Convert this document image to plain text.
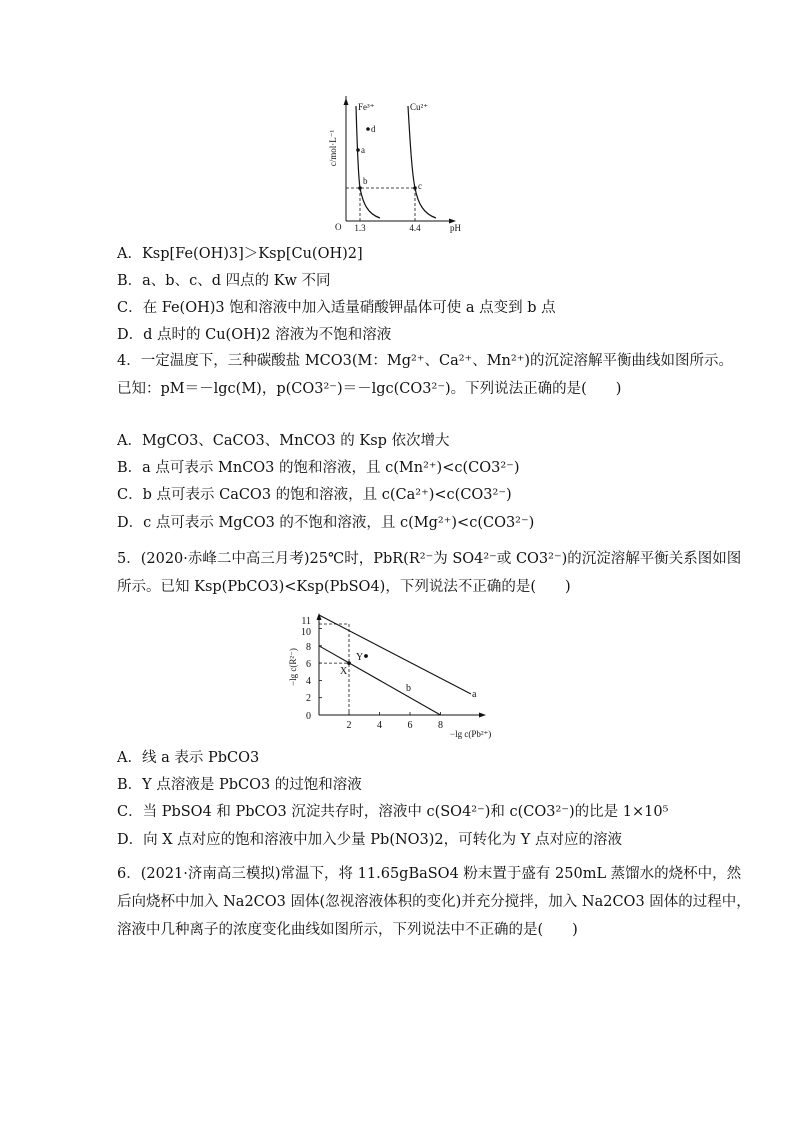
c/mol·L⁻¹
Fe³⁺	Cu²⁺
d
a
b	c
O 1.3	4.4	pH
A．Ksp[Fe(OH)3]＞Ksp[Cu(OH)2]
B．a、b、c、d 四点的 Kw 不同
C．在 Fe(OH)3 饱和溶液中加入适量硝酸钾晶体可使 a 点变到 b 点
D．d 点时的 Cu(OH)2 溶液为不饱和溶液
4．一定温度下，三种碳酸盐 MCO3(M：Mg²⁺、Ca²⁺、Mn²⁺)的沉淀溶解平衡曲线如图所示。
已知：pM＝－lgc(M)，p(CO3²⁻)＝－lgc(CO3²⁻)。下列说法正确的是(　　)
A．MgCO3、CaCO3、MnCO3 的 Ksp 依次增大
B．a 点可表示 MnCO3 的饱和溶液，且 c(Mn²⁺)<c(CO3²⁻)
C．b 点可表示 CaCO3 的饱和溶液，且 c(Ca²⁺)<c(CO3²⁻)
D．c 点可表示 MgCO3 的不饱和溶液，且 c(Mg²⁺)<c(CO3²⁻)
5．(2020·赤峰二中高三月考)25℃时，PbR(R²⁻为 SO4²⁻或 CO3²⁻)的沉淀溶解平衡关系图如图
所示。已知 Ksp(PbCO3)<Ksp(PbSO4)，下列说法不正确的是(　　)
0
2
4
6
8
10
11
2	4	6	8
X
Y
a
b
−lg c(R²⁻)
−lg c(Pb²⁺)
A．线 a 表示 PbCO3
B．Y 点溶液是 PbCO3 的过饱和溶液
C．当 PbSO4 和 PbCO3 沉淀共存时，溶液中 c(SO4²⁻)和 c(CO3²⁻)的比是 1×10⁵
D．向 X 点对应的饱和溶液中加入少量 Pb(NO3)2，可转化为 Y 点对应的溶液
6．(2021·济南高三模拟)常温下，将 11.65gBaSO4 粉末置于盛有 250mL 蒸馏水的烧杯中，然
后向烧杯中加入 Na2CO3 固体(忽视溶液体积的变化)并充分搅拌，加入 Na2CO3 固体的过程中，
溶液中几种离子的浓度变化曲线如图所示，下列说法中不正确的是(　　)
